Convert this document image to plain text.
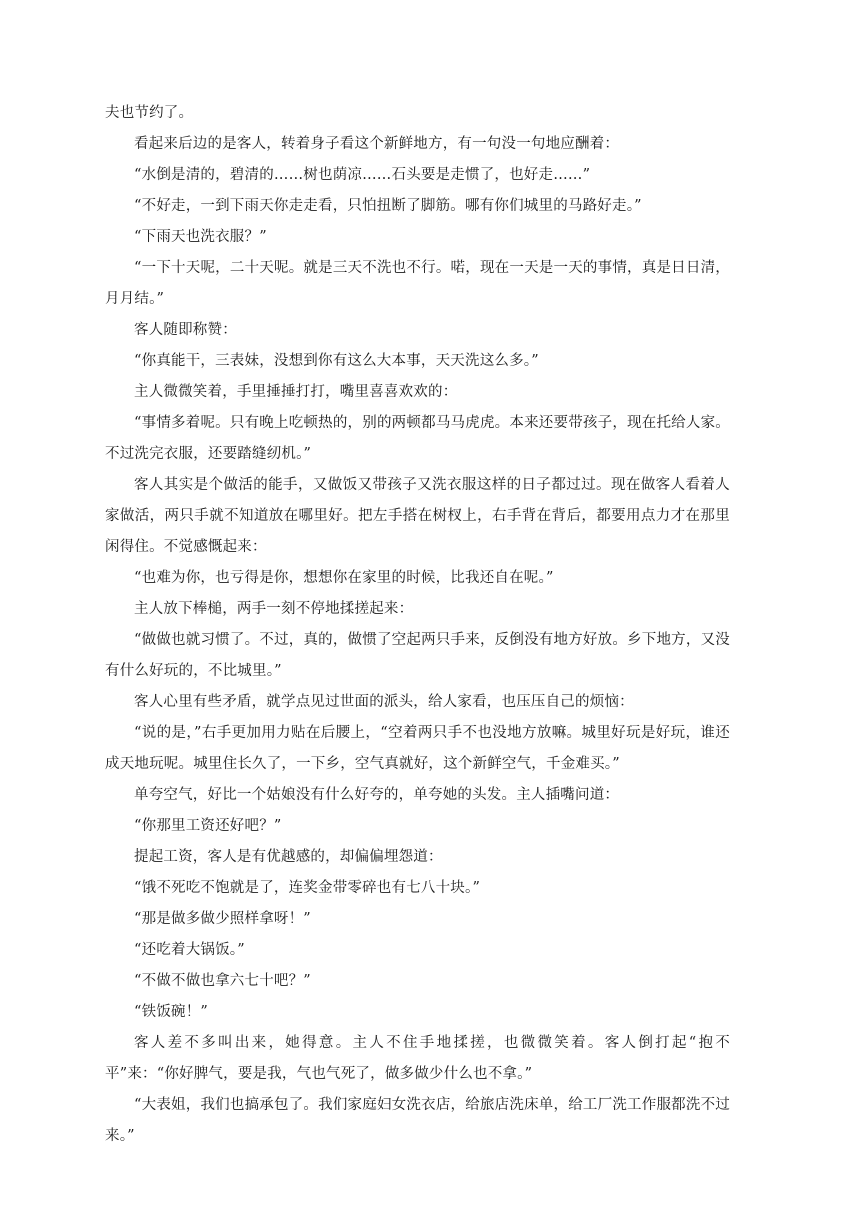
夫也节约了。

看起来后边的是客人，转着身子看这个新鲜地方，有一句没一句地应酬着：

“水倒是清的，碧清的……树也荫凉……石头要是走惯了，也好走……”

“不好走，一到下雨天你走走看，只怕扭断了脚筋。哪有你们城里的马路好走。”

“下雨天也洗衣服？”

“一下十天呢，二十天呢。就是三天不洗也不行。喏，现在一天是一天的事情，真是日日清，月月结。”

客人随即称赞：

“你真能干，三表妹，没想到你有这么大本事，天天洗这么多。”

主人微微笑着，手里捶捶打打，嘴里喜喜欢欢的：

“事情多着呢。只有晚上吃顿热的，别的两顿都马马虎虎。本来还要带孩子，现在托给人家。不过洗完衣服，还要踏缝纫机。”

客人其实是个做活的能手，又做饭又带孩子又洗衣服这样的日子都过过。现在做客人看着人家做活，两只手就不知道放在哪里好。把左手搭在树杈上，右手背在背后，都要用点力才在那里闲得住。不觉感慨起来：

“也难为你，也亏得是你，想想你在家里的时候，比我还自在呢。”

主人放下棒槌，两手一刻不停地揉搓起来：

“做做也就习惯了。不过，真的，做惯了空起两只手来，反倒没有地方好放。乡下地方，又没有什么好玩的，不比城里。”

客人心里有些矛盾，就学点见过世面的派头，给人家看，也压压自己的烦恼：

“说的是，”右手更加用力贴在后腰上，“空着两只手不也没地方放嘛。城里好玩是好玩，谁还成天地玩呢。城里住长久了，一下乡，空气真就好，这个新鲜空气，千金难买。”

单夸空气，好比一个姑娘没有什么好夸的，单夸她的头发。主人插嘴问道：

“你那里工资还好吧？”

提起工资，客人是有优越感的，却偏偏埋怨道：

“饿不死吃不饱就是了，连奖金带零碎也有七八十块。”

“那是做多做少照样拿呀！”

“还吃着大锅饭。”

“不做不做也拿六七十吧？”

“铁饭碗！”

客人差不多叫出来，她得意。主人不住手地揉搓，也微微笑着。客人倒打起“抱不平”来：“你好脾气，要是我，气也气死了，做多做少什么也不拿。”

“大表姐，我们也搞承包了。我们家庭妇女洗衣店，给旅店洗床单，给工厂洗工作服都洗不过来。”
